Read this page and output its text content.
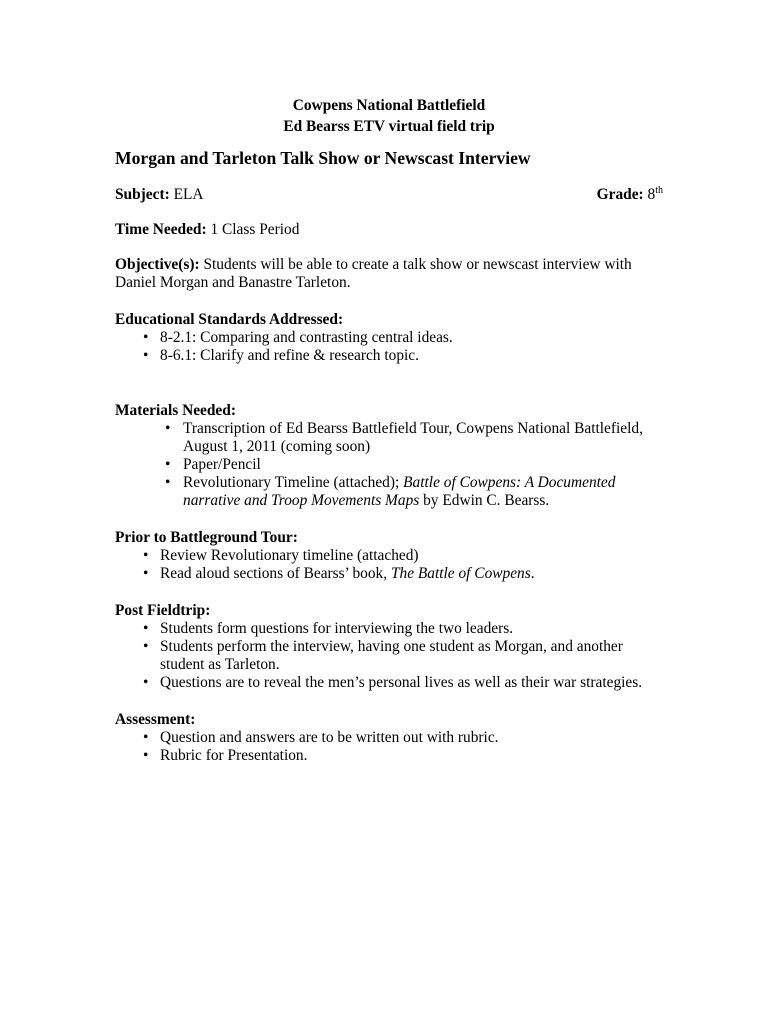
Cowpens National Battlefield
Ed Bearss ETV virtual field trip
Morgan and Tarleton Talk Show or Newscast Interview
Subject: ELA	Grade: 8th

Time Needed: 1 Class Period

Objective(s): Students will be able to create a talk show or newscast interview with Daniel Morgan and Banastre Tarleton.

Educational Standards Addressed:
• 8-2.1: Comparing and contrasting central ideas.
• 8-6.1: Clarify and refine & research topic.
Materials Needed:
• Transcription of Ed Bearss Battlefield Tour, Cowpens National Battlefield, August 1, 2011 (coming soon)
• Paper/Pencil
• Revolutionary Timeline (attached); Battle of Cowpens: A Documented narrative and Troop Movements Maps by Edwin C. Bearss.
Prior to Battleground Tour:
• Review Revolutionary timeline (attached)
• Read aloud sections of Bearss’ book, The Battle of Cowpens.
Post Fieldtrip:
• Students form questions for interviewing the two leaders.
• Students perform the interview, having one student as Morgan, and another student as Tarleton.
• Questions are to reveal the men’s personal lives as well as their war strategies.
Assessment:
• Question and answers are to be written out with rubric.
• Rubric for Presentation.
